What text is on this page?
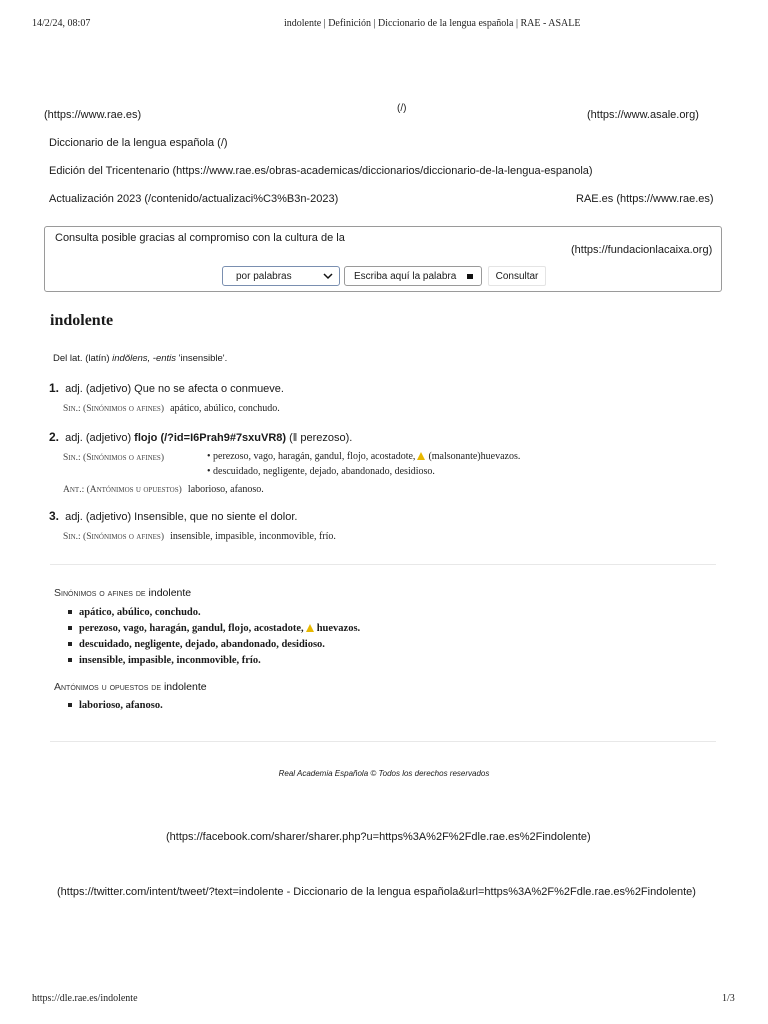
14/2/24, 08:07	indolente | Definición | Diccionario de la lengua española | RAE - ASALE
(https://www.rae.es)
(/)
(https://www.asale.org)
Diccionario de la lengua española (/)
Edición del Tricentenario (https://www.rae.es/obras-academicas/diccionarios/diccionario-de-la-lengua-espanola)
Actualización 2023 (/contenido/actualizaci%C3%B3n-2023)	RAE.es (https://www.rae.es)
Consulta posible gracias al compromiso con la cultura de la
(https://fundacionlacaixa.org)
por palabras	Escriba aquí la palabra	Consultar
indolente
Del lat. (latín) indŏlens, -entis 'insensible'.
1. adj. (adjetivo) Que no se afecta o conmueve.
Sin.: (Sinónimos o afines) apático, abúlico, conchudo.
2. adj. (adjetivo) flojo (/?id=I6Prah9#7sxuVR8) (‖ perezoso).
Sin.: (Sinónimos o afines)	• perezoso, vago, haragán, gandul, flojo, acostadote, (malsonante)huevazos.
• descuidado, negligente, dejado, abandonado, desidioso.
Ant.: (Antónimos u opuestos) laborioso, afanoso.
3. adj. (adjetivo) Insensible, que no siente el dolor.
Sin.: (Sinónimos o afines) insensible, impasible, inconmovible, frío.
Sinónimos o afines de indolente
apático, abúlico, conchudo.
perezoso, vago, haragán, gandul, flojo, acostadote, huevazos.
descuidado, negligente, dejado, abandonado, desidioso.
insensible, impasible, inconmovible, frío.
Antónimos u opuestos de indolente
laborioso, afanoso.
Real Academia Española © Todos los derechos reservados
(https://facebook.com/sharer/sharer.php?u=https%3A%2F%2Fdle.rae.es%2Findolente)
(https://twitter.com/intent/tweet/?text=indolente - Diccionario de la lengua española&url=https%3A%2F%2Fdle.rae.es%2Findolente)
https://dle.rae.es/indolente	1/3
